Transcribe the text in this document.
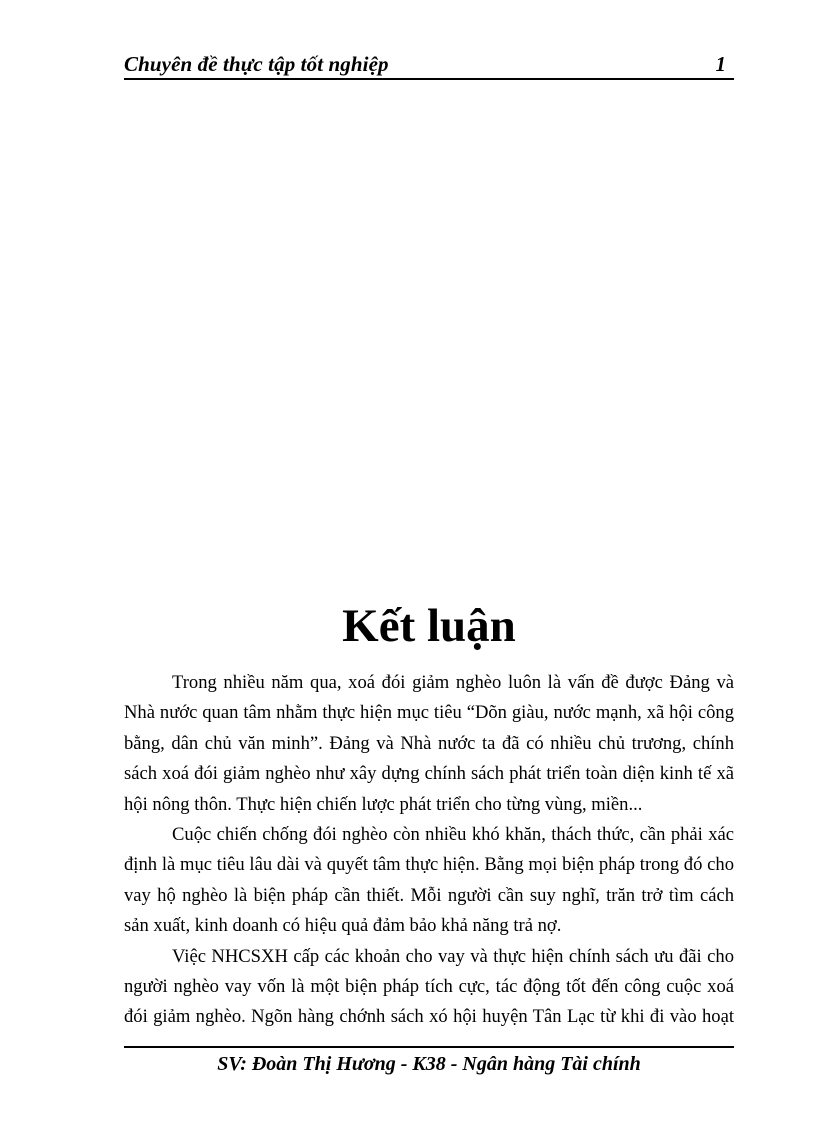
Chuyên đề thực tập tốt nghiệp	1
Kết luận

Trong nhiều năm qua, xoá đói giảm nghèo luôn là vấn đề được Đảng và Nhà nước quan tâm nhằm thực hiện mục tiêu “Dõn giàu, nước mạnh, xã hội công bằng, dân chủ văn minh”. Đảng và Nhà nước ta đã có nhiều chủ trương, chính sách xoá đói giảm nghèo như xây dựng chính sách phát triển toàn diện kinh tế xã hội nông thôn. Thực hiện chiến lược phát triển cho từng vùng, miền...

Cuộc chiến chống đói nghèo còn nhiều khó khăn, thách thức, cần phải xác định là mục tiêu lâu dài và quyết tâm thực hiện. Bằng mọi biện pháp trong đó cho vay hộ nghèo là biện pháp cần thiết. Mỗi người cần suy nghĩ, trăn trở tìm cách sản xuất, kinh doanh có hiệu quả đảm bảo khả năng trả nợ.

Việc NHCSXH cấp các khoản cho vay và thực hiện chính sách ưu đãi cho người nghèo vay vốn là một biện pháp tích cực, tác động tốt đến công cuộc xoá đói giảm nghèo. Ngõn hàng chớnh sách xó hội huyện Tân Lạc từ khi đi vào hoạt

SV: Đoàn Thị Hương - K38 - Ngân hàng Tài chính
